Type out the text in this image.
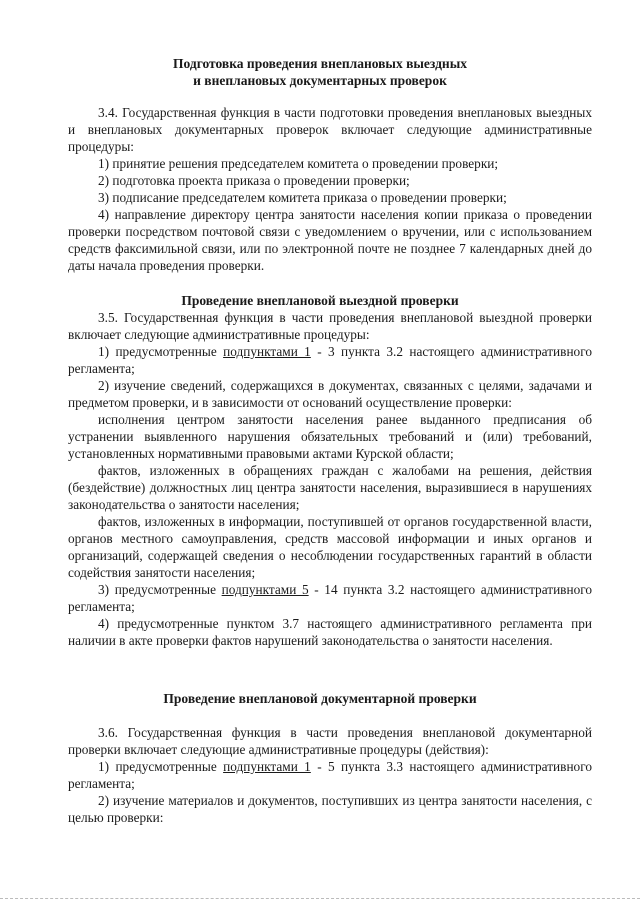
Подготовка проведения внеплановых выездных
и внеплановых документарных проверок

3.4. Государственная функция в части подготовки проведения внеплановых выездных и внеплановых документарных проверок включает следующие административные процедуры:

1) принятие решения председателем комитета о проведении проверки;

2) подготовка проекта приказа о проведении проверки;

3) подписание председателем комитета приказа о проведении проверки;

4) направление директору центра занятости населения копии приказа о проведении проверки посредством почтовой связи с уведомлением о вручении, или с использованием средств факсимильной связи, или по электронной почте не позднее 7 календарных дней до даты начала проведения проверки.

Проведение внеплановой выездной проверки

3.5. Государственная функция в части проведения внеплановой выездной проверки включает следующие административные процедуры:

1) предусмотренные подпунктами 1 - 3 пункта 3.2 настоящего административного регламента;

2) изучение сведений, содержащихся в документах, связанных с целями, задачами и предметом проверки, и в зависимости от оснований осуществление проверки:

исполнения центром занятости населения ранее выданного предписания об устранении выявленного нарушения обязательных требований и (или) требований, установленных нормативными правовыми актами Курской области;

фактов, изложенных в обращениях граждан с жалобами на решения, действия (бездействие) должностных лиц центра занятости населения, выразившиеся в нарушениях законодательства о занятости населения;

фактов, изложенных в информации, поступившей от органов государственной власти, органов местного самоуправления, средств массовой информации и иных органов и организаций, содержащей сведения о несоблюдении государственных гарантий в области содействия занятости населения;

3) предусмотренные подпунктами 5 - 14 пункта 3.2 настоящего административного регламента;

4) предусмотренные пунктом 3.7 настоящего административного регламента при наличии в акте проверки фактов нарушений законодательства о занятости населения.

Проведение внеплановой документарной проверки

3.6. Государственная функция в части проведения внеплановой документарной проверки включает следующие административные процедуры (действия):

1) предусмотренные подпунктами 1 - 5 пункта 3.3 настоящего административного регламента;

2) изучение материалов и документов, поступивших из центра занятости населения, с целью проверки:
